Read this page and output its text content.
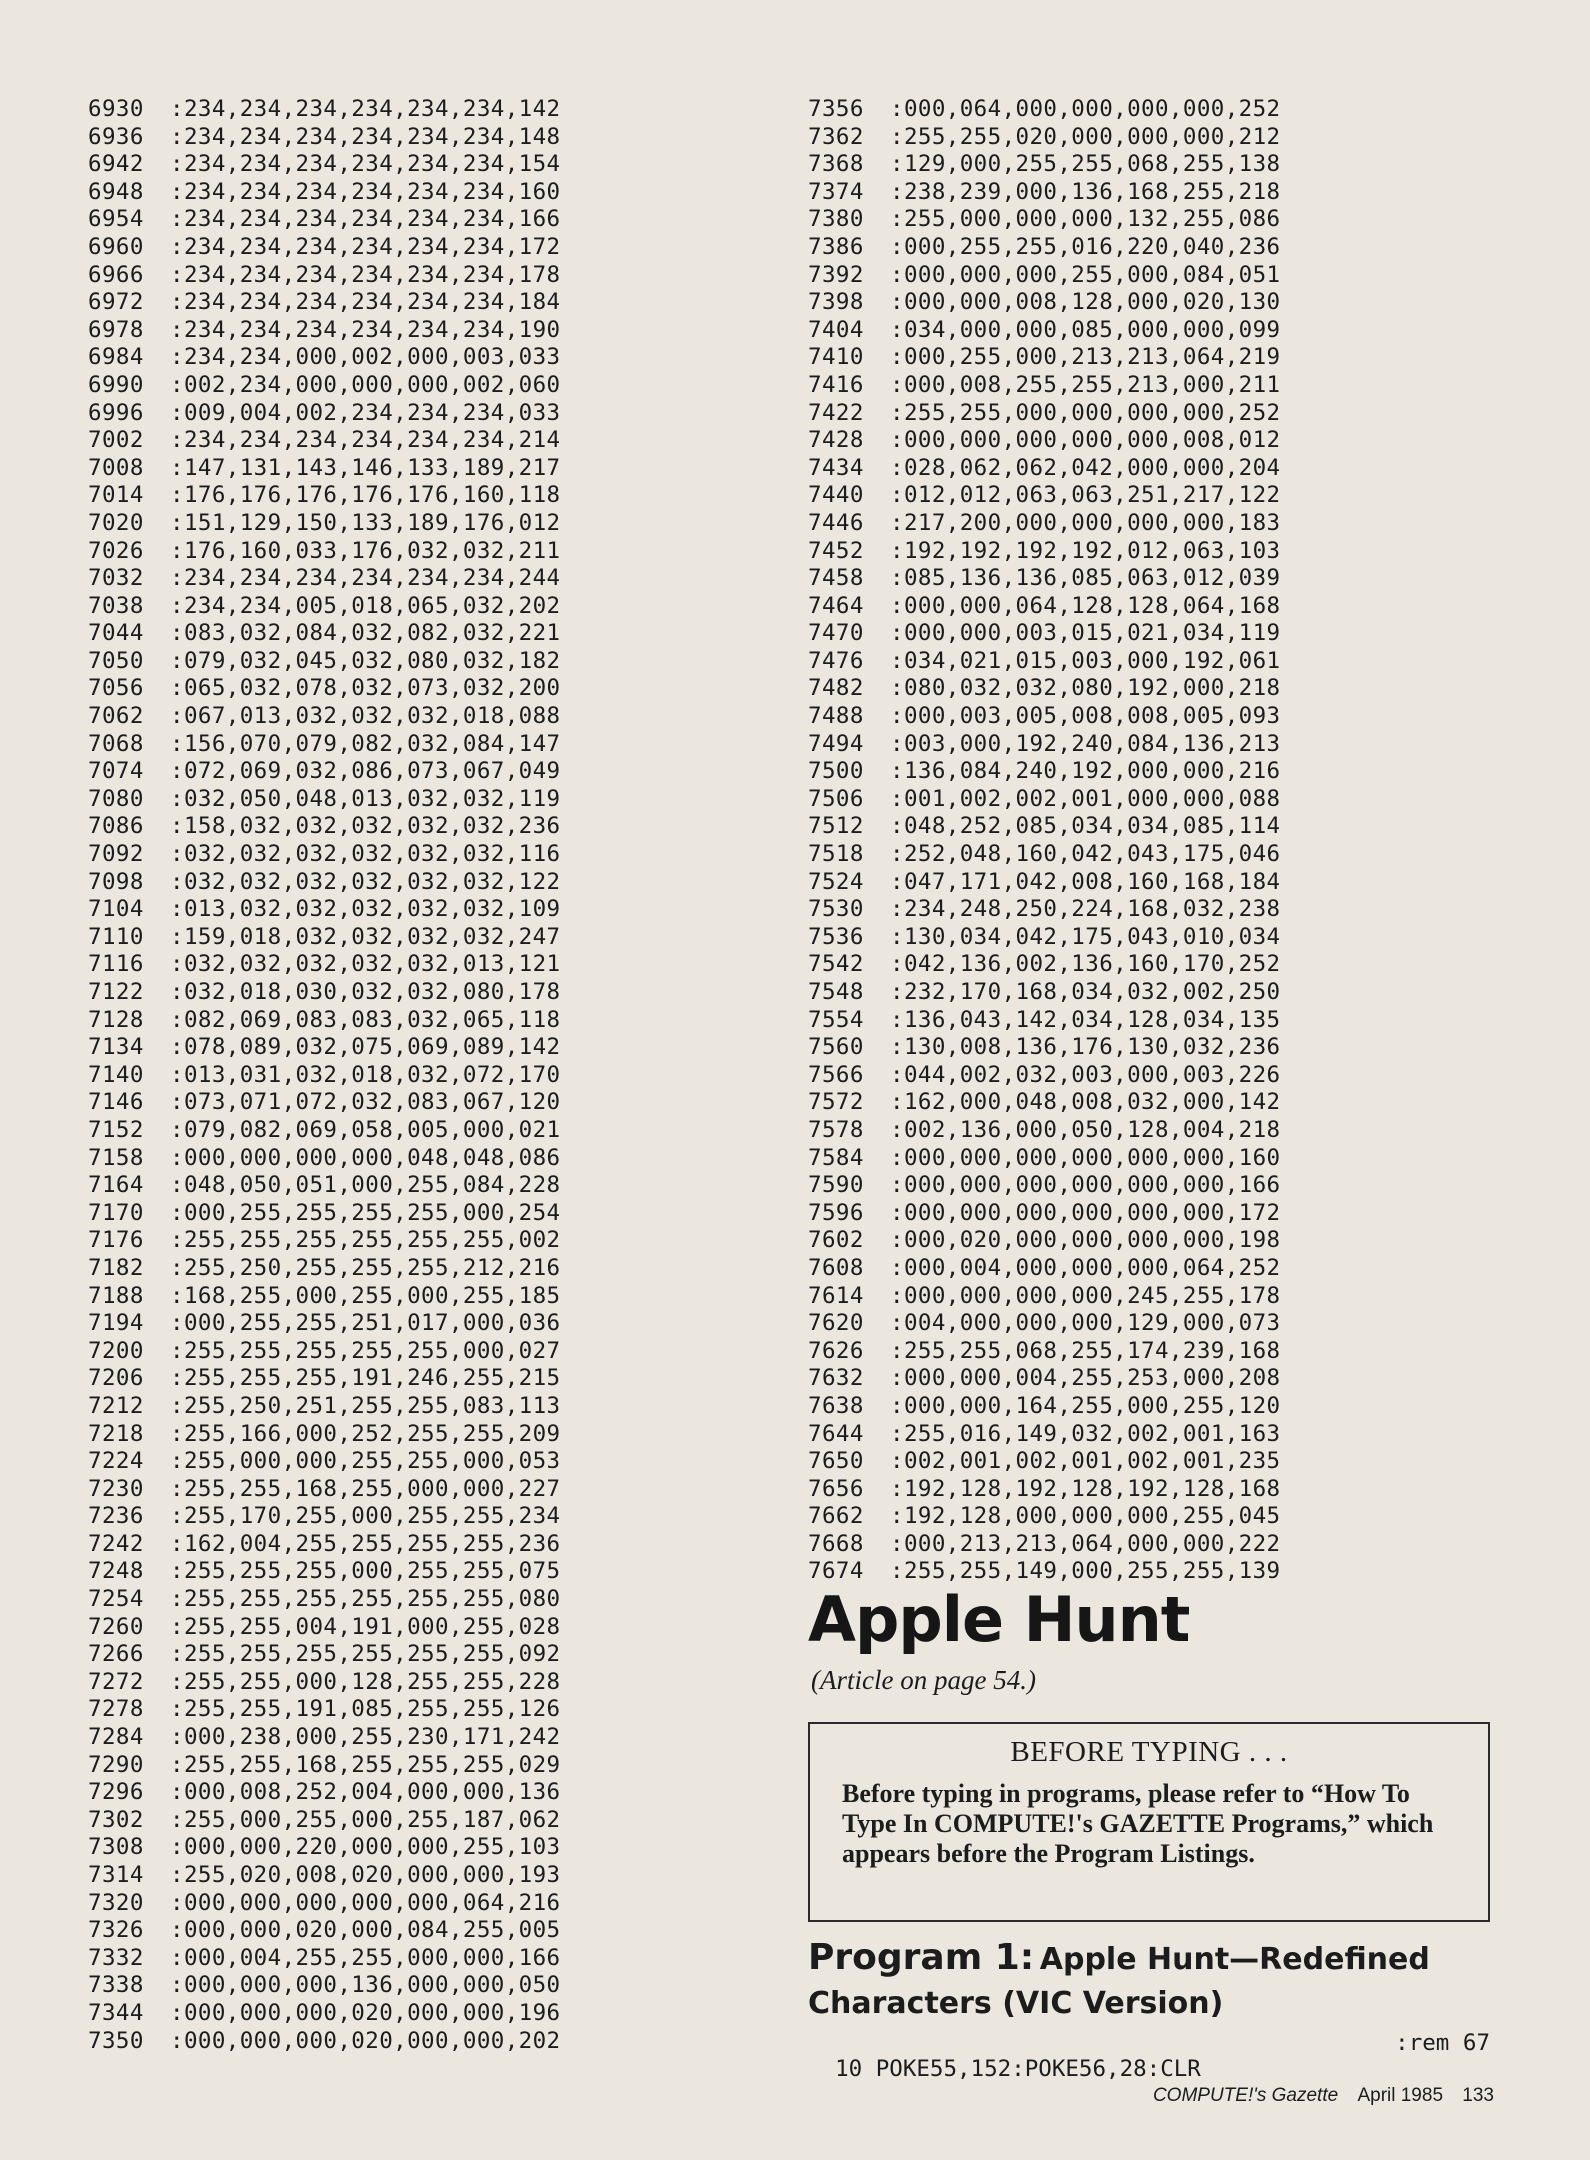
6930 :234,234,234,234,234,234,142
6936 :234,234,234,234,234,234,148
6942 :234,234,234,234,234,234,154
6948 :234,234,234,234,234,234,160
6954 :234,234,234,234,234,234,166
6960 :234,234,234,234,234,234,172
6966 :234,234,234,234,234,234,178
6972 :234,234,234,234,234,234,184
6978 :234,234,234,234,234,234,190
6984 :234,234,000,002,000,003,033
6990 :002,234,000,000,000,002,060
6996 :009,004,002,234,234,234,033
7002 :234,234,234,234,234,234,214
7008 :147,131,143,146,133,189,217
7014 :176,176,176,176,176,160,118
7020 :151,129,150,133,189,176,012
7026 :176,160,033,176,032,032,211
7032 :234,234,234,234,234,234,244
7038 :234,234,005,018,065,032,202
7044 :083,032,084,032,082,032,221
7050 :079,032,045,032,080,032,182
7056 :065,032,078,032,073,032,200
7062 :067,013,032,032,032,018,088
7068 :156,070,079,082,032,084,147
7074 :072,069,032,086,073,067,049
7080 :032,050,048,013,032,032,119
7086 :158,032,032,032,032,032,236
7092 :032,032,032,032,032,032,116
7098 :032,032,032,032,032,032,122
7104 :013,032,032,032,032,032,109
7110 :159,018,032,032,032,032,247
7116 :032,032,032,032,032,013,121
7122 :032,018,030,032,032,080,178
7128 :082,069,083,083,032,065,118
7134 :078,089,032,075,069,089,142
7140 :013,031,032,018,032,072,170
7146 :073,071,072,032,083,067,120
7152 :079,082,069,058,005,000,021
7158 :000,000,000,000,048,048,086
7164 :048,050,051,000,255,084,228
7170 :000,255,255,255,255,000,254
7176 :255,255,255,255,255,255,002
7182 :255,250,255,255,255,212,216
7188 :168,255,000,255,000,255,185
7194 :000,255,255,251,017,000,036
7200 :255,255,255,255,255,000,027
7206 :255,255,255,191,246,255,215
7212 :255,250,251,255,255,083,113
7218 :255,166,000,252,255,255,209
7224 :255,000,000,255,255,000,053
7230 :255,255,168,255,000,000,227
7236 :255,170,255,000,255,255,234
7242 :162,004,255,255,255,255,236
7248 :255,255,255,000,255,255,075
7254 :255,255,255,255,255,255,080
7260 :255,255,004,191,000,255,028
7266 :255,255,255,255,255,255,092
7272 :255,255,000,128,255,255,228
7278 :255,255,191,085,255,255,126
7284 :000,238,000,255,230,171,242
7290 :255,255,168,255,255,255,029
7296 :000,008,252,004,000,000,136
7302 :255,000,255,000,255,187,062
7308 :000,000,220,000,000,255,103
7314 :255,020,008,020,000,000,193
7320 :000,000,000,000,000,064,216
7326 :000,000,020,000,084,255,005
7332 :000,004,255,255,000,000,166
7338 :000,000,000,136,000,000,050
7344 :000,000,000,020,000,000,196
7350 :000,000,000,020,000,000,202
7356 :000,064,000,000,000,000,252
7362 :255,255,020,000,000,000,212
7368 :129,000,255,255,068,255,138
7374 :238,239,000,136,168,255,218
7380 :255,000,000,000,132,255,086
7386 :000,255,255,016,220,040,236
7392 :000,000,000,255,000,084,051
7398 :000,000,008,128,000,020,130
7404 :034,000,000,085,000,000,099
7410 :000,255,000,213,213,064,219
7416 :000,008,255,255,213,000,211
7422 :255,255,000,000,000,000,252
7428 :000,000,000,000,000,008,012
7434 :028,062,062,042,000,000,204
7440 :012,012,063,063,251,217,122
7446 :217,200,000,000,000,000,183
7452 :192,192,192,192,012,063,103
7458 :085,136,136,085,063,012,039
7464 :000,000,064,128,128,064,168
7470 :000,000,003,015,021,034,119
7476 :034,021,015,003,000,192,061
7482 :080,032,032,080,192,000,218
7488 :000,003,005,008,008,005,093
7494 :003,000,192,240,084,136,213
7500 :136,084,240,192,000,000,216
7506 :001,002,002,001,000,000,088
7512 :048,252,085,034,034,085,114
7518 :252,048,160,042,043,175,046
7524 :047,171,042,008,160,168,184
7530 :234,248,250,224,168,032,238
7536 :130,034,042,175,043,010,034
7542 :042,136,002,136,160,170,252
7548 :232,170,168,034,032,002,250
7554 :136,043,142,034,128,034,135
7560 :130,008,136,176,130,032,236
7566 :044,002,032,003,000,003,226
7572 :162,000,048,008,032,000,142
7578 :002,136,000,050,128,004,218
7584 :000,000,000,000,000,000,160
7590 :000,000,000,000,000,000,166
7596 :000,000,000,000,000,000,172
7602 :000,020,000,000,000,000,198
7608 :000,004,000,000,000,064,252
7614 :000,000,000,000,245,255,178
7620 :004,000,000,000,129,000,073
7626 :255,255,068,255,174,239,168
7632 :000,000,004,255,253,000,208
7638 :000,000,164,255,000,255,120
7644 :255,016,149,032,002,001,163
7650 :002,001,002,001,002,001,235
7656 :192,128,192,128,192,128,168
7662 :192,128,000,000,000,255,045
7668 :000,213,213,064,000,000,222
7674 :255,255,149,000,255,255,139
Apple Hunt
(Article on page 54.)
BEFORE TYPING . . .
Before typing in programs, please refer to “How To Type In COMPUTE!'s GAZETTE Programs,” which appears before the Program Listings.
Program 1: Apple Hunt—Redefined Characters (VIC Version)

10 POKE55,152:POKE56,28:CLR

:rem 67

COMPUTE!'s Gazette April 1985 133
